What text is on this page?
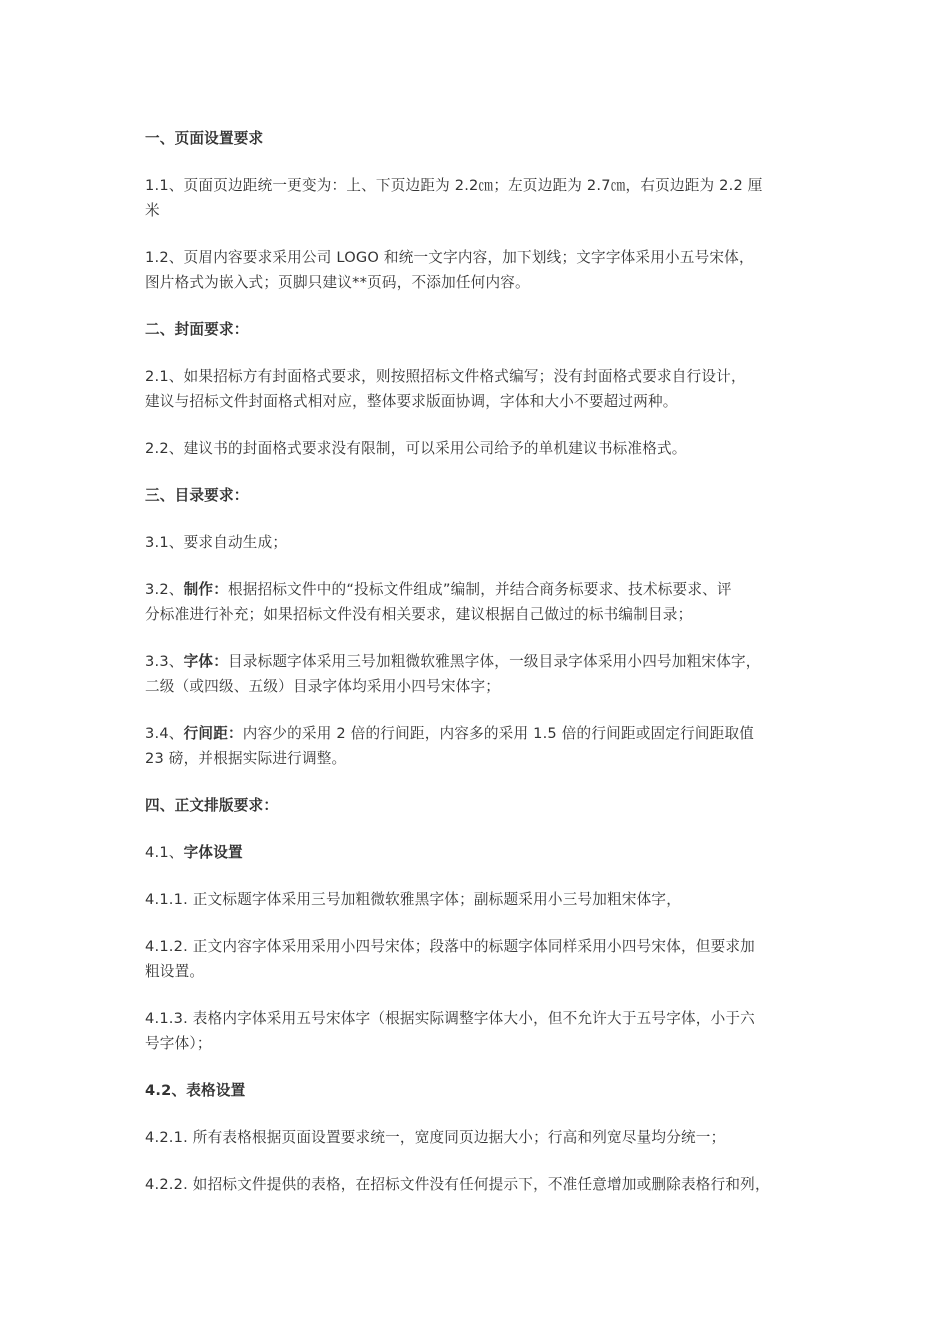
一、页面设置要求
1.1、页面页边距统一更变为：上、下页边距为 2.2㎝；左页边距为 2.7㎝，右页边距为 2.2 厘
米
1.2、页眉内容要求采用公司 LOGO 和统一文字内容，加下划线；文字字体采用小五号宋体，
图片格式为嵌入式；页脚只建议**页码，不添加任何内容。
二、封面要求：
2.1、如果招标方有封面格式要求，则按照招标文件格式编写；没有封面格式要求自行设计，
建议与招标文件封面格式相对应，整体要求版面协调，字体和大小不要超过两种。
2.2、建议书的封面格式要求没有限制，可以采用公司给予的单机建议书标准格式。
三、目录要求：
3.1、要求自动生成；
3.2、制作：根据招标文件中的“投标文件组成”编制，并结合商务标要求、技术标要求、评
分标准进行补充；如果招标文件没有相关要求，建议根据自己做过的标书编制目录；
3.3、字体：目录标题字体采用三号加粗微软雅黑字体，一级目录字体采用小四号加粗宋体字，
二级（或四级、五级）目录字体均采用小四号宋体字；
3.4、行间距：内容少的采用 2 倍的行间距，内容多的采用 1.5 倍的行间距或固定行间距取值
23 磅，并根据实际进行调整。
四、正文排版要求：
4.1、字体设置
4.1.1. 正文标题字体采用三号加粗微软雅黑字体；副标题采用小三号加粗宋体字，
4.1.2. 正文内容字体采用采用小四号宋体；段落中的标题字体同样采用小四号宋体，但要求加
粗设置。
4.1.3. 表格内字体采用五号宋体字（根据实际调整字体大小，但不允许大于五号字体，小于六
号字体）；
4.2、表格设置
4.2.1. 所有表格根据页面设置要求统一，宽度同页边据大小；行高和列宽尽量均分统一；
4.2.2. 如招标文件提供的表格，在招标文件没有任何提示下，不准任意增加或删除表格行和列，
